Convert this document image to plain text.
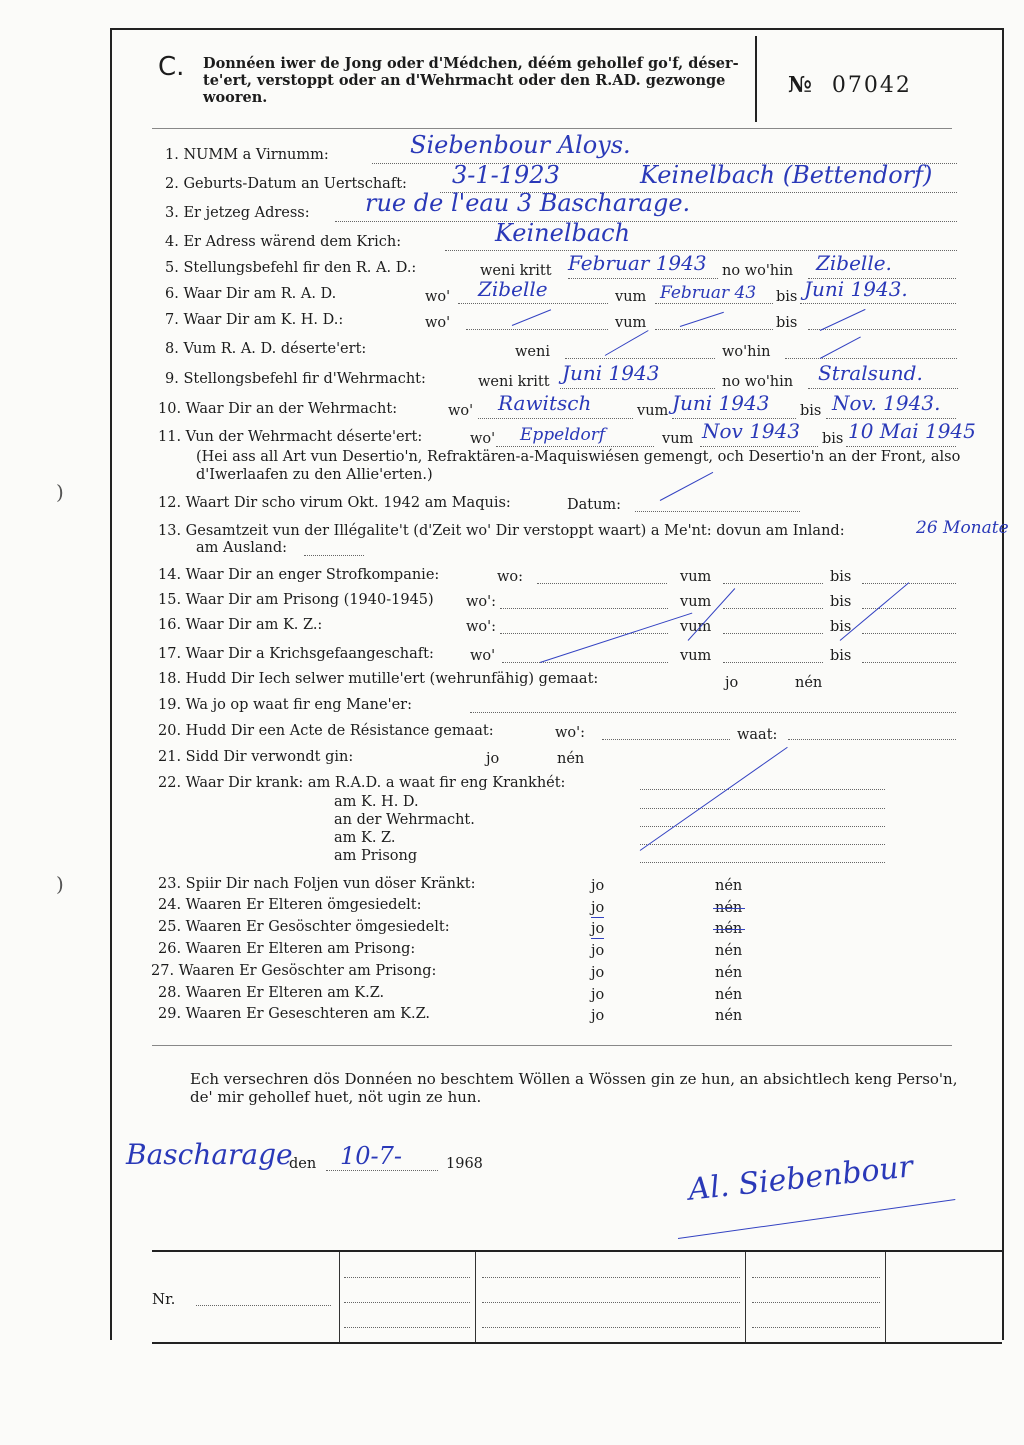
)
)
C. Donnéen iwer de Jong oder d'Médchen, déém gehollef go'f, déser-te'ert, verstoppt oder an d'Wehrmacht oder den R.AD. gezwonge wooren.	№ 07042
1. NUMM a Virnumm:	Siebenbour Aloys.
2. Geburts-Datum an Uertschaft: 3-1-1923	Keinelbach (Bettendorf)
3. Er jetzeg Adress: rue de l'eau 3 Bascharage.
4. Er Adress wärend dem Krich:	Keinelbach
5. Stellungsbefehl fir den R. A. D.:	weni kritt	no wo'hin
Februar 1943	Zibelle.
6. Waar Dir am R. A. D.	wo'	vum	bis
Zibelle	Februar 43 Juni 1943.
7. Waar Dir am K. H. D.:	wo'	vum	bis
8. Vum R. A. D. déserte'ert:	weni	wo'hin
9. Stellongsbefehl fir d'Wehrmacht:	weni kritt	no wo'hin
Juni 1943	Stralsund.
10. Waar Dir an der Wehrmacht:	wo'	vum	bis
Rawitsch	Juni 1943	Nov. 1943.
11. Vun der Wehrmacht déserte'ert:	wo'	vum	bis
Eppeldorf	Nov 1943 10 Mai 1945
(Hei ass all Art vun Desertio'n, Refraktären-a-Maquiswiésen gemengt, och Desertio'n an der Front, also d'Iwerlaafen zu den Allie'erten.)
12. Waart Dir scho virum Okt. 1942 am Maquis:	Datum:
13. Gesamtzeit vun der Illégalite't (d'Zeit wo' Dir verstoppt waart) a Me'nt: dovun am Inland:
am Ausland:
26 Monate
14. Waar Dir an enger Strofkompanie:	wo:	vum	bis
15. Waar Dir am Prisong (1940-1945) wo':	vum	bis
16. Waar Dir am K. Z.:	wo':	vum	bis
17. Waar Dir a Krichsgefaangeschaft: wo'	vum	bis
18. Hudd Dir Iech selwer mutille'ert (wehrunfähig) gemaat:	jo	nén
19. Wa jo op waat fir eng Mane'er:
20. Hudd Dir een Acte de Résistance gemaat:	wo':	waat:
21. Sidd Dir verwondt gin:	jo	nén
22. Waar Dir krank: am R.A.D. a waat fir eng Krankhét:
am K. H. D.
an der Wehrmacht.
am K. Z.
am Prisong
23. Spiir Dir nach Foljen vun döser Kränkt:	jo	nén
24. Waaren Er Elteren ömgesiedelt:	jo	nén
25. Waaren Er Gesöschter ömgesiedelt:	jo	nén
26. Waaren Er Elteren am Prisong:	jo	nén
27. Waaren Er Gesöschter am Prisong:	jo	nén
28. Waaren Er Elteren am K.Z.	jo	nén
29. Waaren Er Geseschteren am K.Z.	jo	nén
Ech versechren dös Donnéen no beschtem Wöllen a Wössen gin ze hun, an absichtlech keng Perso'n, de' mir gehollef huet, nöt ugin ze hun.
Bascharage
den 10-7-	1968	Al. Siebenbour
Nr.
